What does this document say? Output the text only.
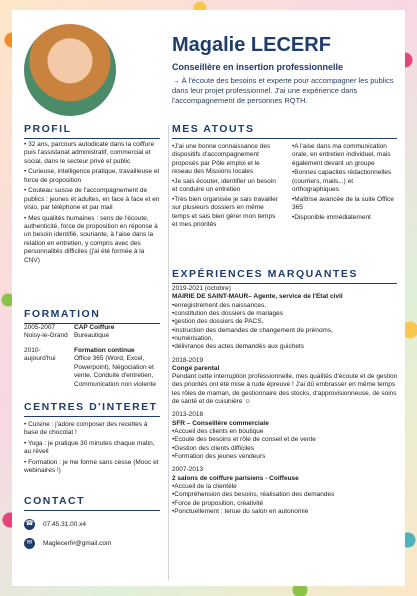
Magalie LECERF
Conseillère en insertion professionnelle
→ À l'écoute des besoins et experte pour accompagner les publics dans leur projet professionnel. J'ai une expérience dans l'accompagnement de personnes RQTH.
PROFIL

• 32 ans, parcours autodicate dans la coiffure puis l'assistanat administratif, commercial et social, dans le secteur privé et public

• Curieuse, intelligence pratique, travailleuse et force de proposition

• Couteau suisse de l'accompagnement de publics : jeunes et adultes, en face à face et en visio, par téléphone et par mail

• Mes qualités humaines : sens de l'écoute, authenticité, force de proposition en réponse à un besoin identifié, souriante, à l'aise dans la relation en entretien, y compris avec des personnalités difficiles (j'ai été formée à la CNV)

FORMATION
2005-2007
Noisy-le-Grand
CAP Coiffure
Bureautique
2010-
aujourd'hui
Formation continue
Office 365 (Word, Excel, Powerpoint), Négociation et vente, Conduite d'entretien, Communication non violente
CENTRES D'INTERET

• Cuisine : j'adore composer des recettes à base de chocolat !

• Yoga : je pratique 30 minutes chaque matin, au réveil

• Formation : je me forme sans cesse (Mooc et webinaires !)

CONTACT

☎ 07.45.31.00.x4

✉ Maglecerf#@gmail.com

MES ATOUTS
•J'ai une bonne connaissance des dispositifs d'accompagnement proposés par Pôle emploi et le reseau des Missions locales
•Je sais écouter, identifier un besoin et conduire un entretien
•Très bien organisée je sais travailler sur plusieurs dossiers en même temps et sais bien gérer mon temps et mes priorités
•A l'aise dans ma communication orale, en entretien individuel, mais également devant un groupe
•Bonnes capacités rédactionnelles (courriers, mails...) et orthographiques
•Maîtrise avancée de la suite Office 365
•Disponible immédiatement
EXPÉRIENCES MARQUANTES
2019-2021 (octobre)
MAIRIE DE SAINT-MAUR– Agente, service de l'Etat civil
•enregistrement des naissances,
•constitution des dossiers de mariages
•gestion des dossiers de PACS,
•instruction des demandes de changement de prénoms,
•numérisation,
•délivrance des actes demandés aux guichets
2018-2019
Congé parental
Pendant cette interruption professionnelle, mes qualités d'écoute et de gestion des priorités ont été mise à rude épreuve ! J'ai dû embrasser en même temps les rôles de maman, de gestionnaire des stocks, d'approvisionneuse, de soins de santé et de cuisinière ☺
2013-2018
SFR – Conseillère commerciale
•Accueil des clients en boutique
•Ecoute des besoins et rôle de conseil et de vente
•Gestion des clients difficiles
•Formation des jeunes vendeurs
2007-2013
2 salons de coiffure parisiens - Coiffeuse
•Accueil de la clientèle
•Compréhension des besoins, réalisation des demandes
•Force de proposition, créativité
•Ponctuellement : tenue du salon en autonomie
